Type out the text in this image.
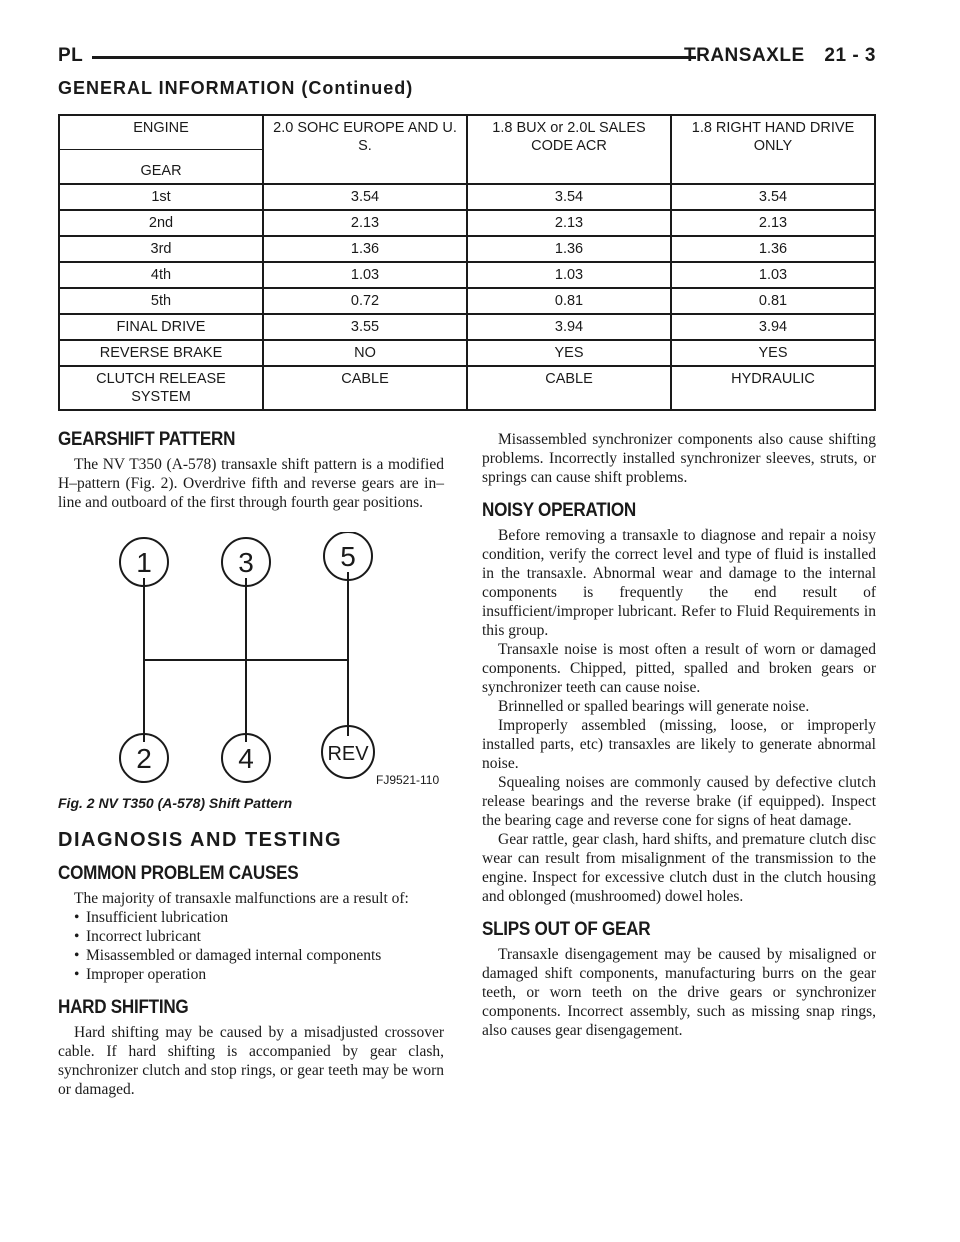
PL	TRANSAXLE 21 - 3
GENERAL INFORMATION (Continued)
ENGINE
GEAR	2.0 SOHC EUROPE AND U. S.	1.8 BUX or 2.0L SALES CODE ACR	1.8 RIGHT HAND DRIVE ONLY
1st	3.54	3.54	3.54
2nd	2.13	2.13	2.13
3rd	1.36	1.36	1.36
4th	1.03	1.03	1.03
5th	0.72	0.81	0.81
FINAL DRIVE	3.55	3.94	3.94
REVERSE BRAKE	NO	YES	YES
CLUTCH RELEASE SYSTEM	CABLE	CABLE	HYDRAULIC
GEARSHIFT PATTERN

The NV T350 (A-578) transaxle shift pattern is a modified H–pattern (Fig. 2). Overdrive fifth and reverse gears are in–line and outboard of the first through fourth gear positions.

1	3	5
2	4	REV
FJ9521-110
Fig. 2 NV T350 (A-578) Shift Pattern
DIAGNOSIS AND TESTING
COMMON PROBLEM CAUSES

The majority of transaxle malfunctions are a result of:

• Insufficient lubrication
• Incorrect lubricant
• Misassembled or damaged internal components
• Improper operation
HARD SHIFTING

Hard shifting may be caused by a misadjusted crossover cable. If hard shifting is accompanied by gear clash, synchronizer clutch and stop rings, or gear teeth may be worn or damaged.

Misassembled synchronizer components also cause shifting problems. Incorrectly installed synchronizer sleeves, struts, or springs can cause shift problems.

NOISY OPERATION

Before removing a transaxle to diagnose and repair a noisy condition, verify the correct level and type of fluid is installed in the transaxle. Abnormal wear and damage to the internal components is frequently the end result of insufficient/improper lubricant. Refer to Fluid Requirements in this group.

Transaxle noise is most often a result of worn or damaged components. Chipped, pitted, spalled and broken gears or synchronizer teeth can cause noise.

Brinnelled or spalled bearings will generate noise.

Improperly assembled (missing, loose, or improperly installed parts, etc) transaxles are likely to generate abnormal noise.

Squealing noises are commonly caused by defective clutch release bearings and the reverse brake (if equipped). Inspect the bearing cage and reverse cone for signs of heat damage.

Gear rattle, gear clash, hard shifts, and premature clutch disc wear can result from misalignment of the transmission to the engine. Inspect for excessive clutch dust in the clutch housing and oblonged (mushroomed) dowel holes.

SLIPS OUT OF GEAR

Transaxle disengagement may be caused by misaligned or damaged shift components, manufacturing burrs on the gear teeth, or worn teeth on the drive gears or synchronizer components. Incorrect assembly, such as missing snap rings, also causes gear disengagement.
